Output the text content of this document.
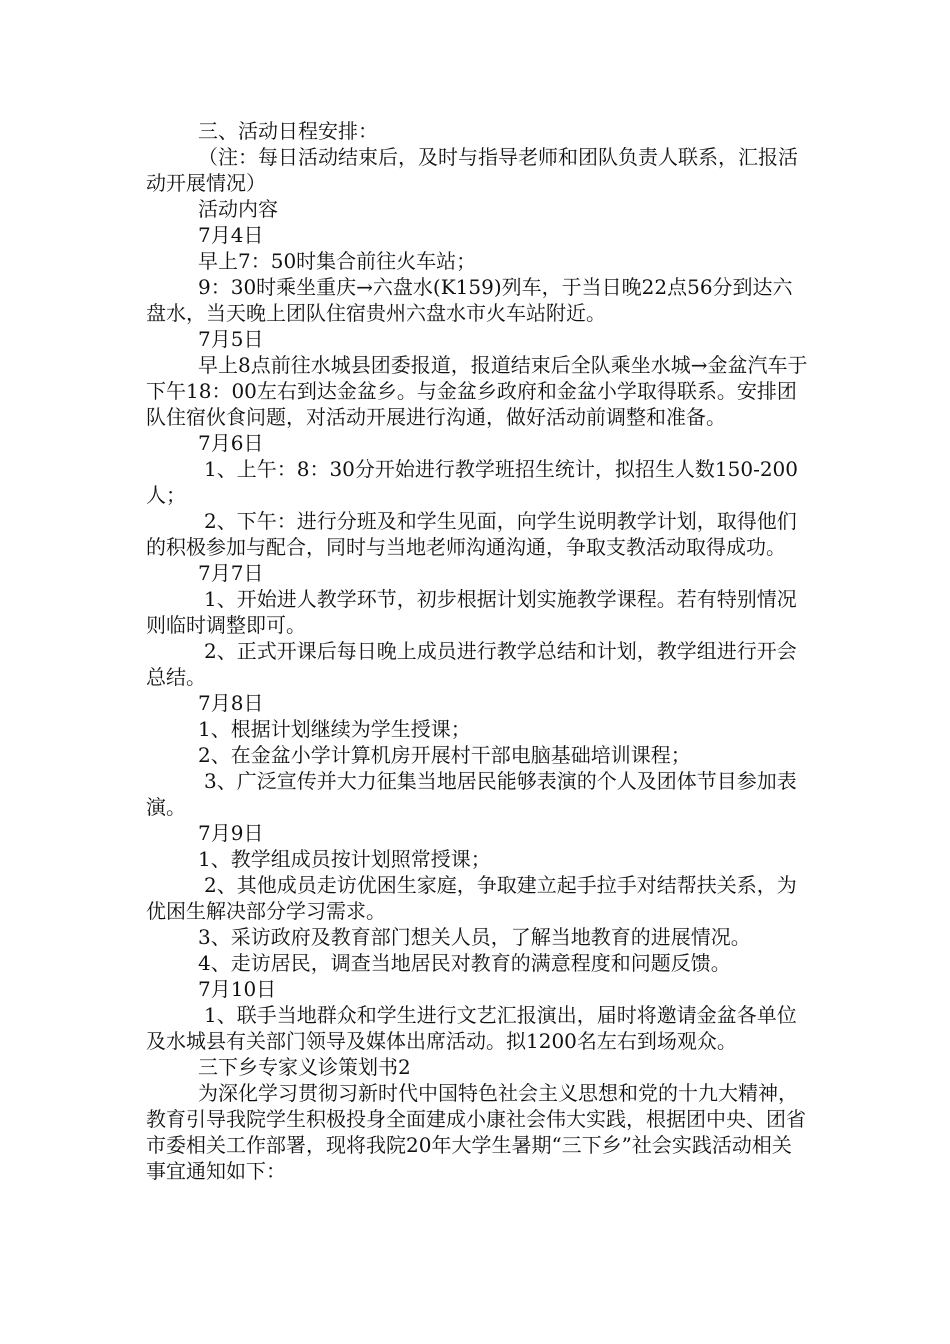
三、活动日程安排：

（注：每日活动结束后，及时与指导老师和团队负责人联系，汇报活动开展情况）

活动内容

7月4日

早上7：50时集合前往火车站；

9：30时乘坐重庆→六盘水(K159)列车，于当日晚22点56分到达六盘水，当天晚上团队住宿贵州六盘水市火车站附近。

7月5日

早上8点前往水城县团委报道，报道结束后全队乘坐水城→金盆汽车于下午18：00左右到达金盆乡。与金盆乡政府和金盆小学取得联系。安排团队住宿伙食问题，对活动开展进行沟通，做好活动前调整和准备。

7月6日

1、上午：8：30分开始进行教学班招生统计，拟招生人数150-200人；

2、下午：进行分班及和学生见面，向学生说明教学计划，取得他们的积极参加与配合，同时与当地老师沟通沟通，争取支教活动取得成功。

7月7日

1、开始进人教学环节，初步根据计划实施教学课程。若有特别情况则临时调整即可。

2、正式开课后每日晚上成员进行教学总结和计划，教学组进行开会总结。

7月8日

1、根据计划继续为学生授课；

2、在金盆小学计算机房开展村干部电脑基础培训课程；

3、广泛宣传并大力征集当地居民能够表演的个人及团体节目参加表演。

7月9日

1、教学组成员按计划照常授课；

2、其他成员走访优困生家庭，争取建立起手拉手对结帮扶关系，为优困生解决部分学习需求。

3、采访政府及教育部门想关人员，了解当地教育的进展情况。

4、走访居民，调查当地居民对教育的满意程度和问题反馈。

7月10日

1、联手当地群众和学生进行文艺汇报演出，届时将邀请金盆各单位及水城县有关部门领导及媒体出席活动。拟1200名左右到场观众。

三下乡专家义诊策划书2

为深化学习贯彻习新时代中国特色社会主义思想和党的十九大精神，教育引导我院学生积极投身全面建成小康社会伟大实践，根据团中央、团省市委相关工作部署，现将我院20年大学生暑期“三下乡”社会实践活动相关事宜通知如下：
